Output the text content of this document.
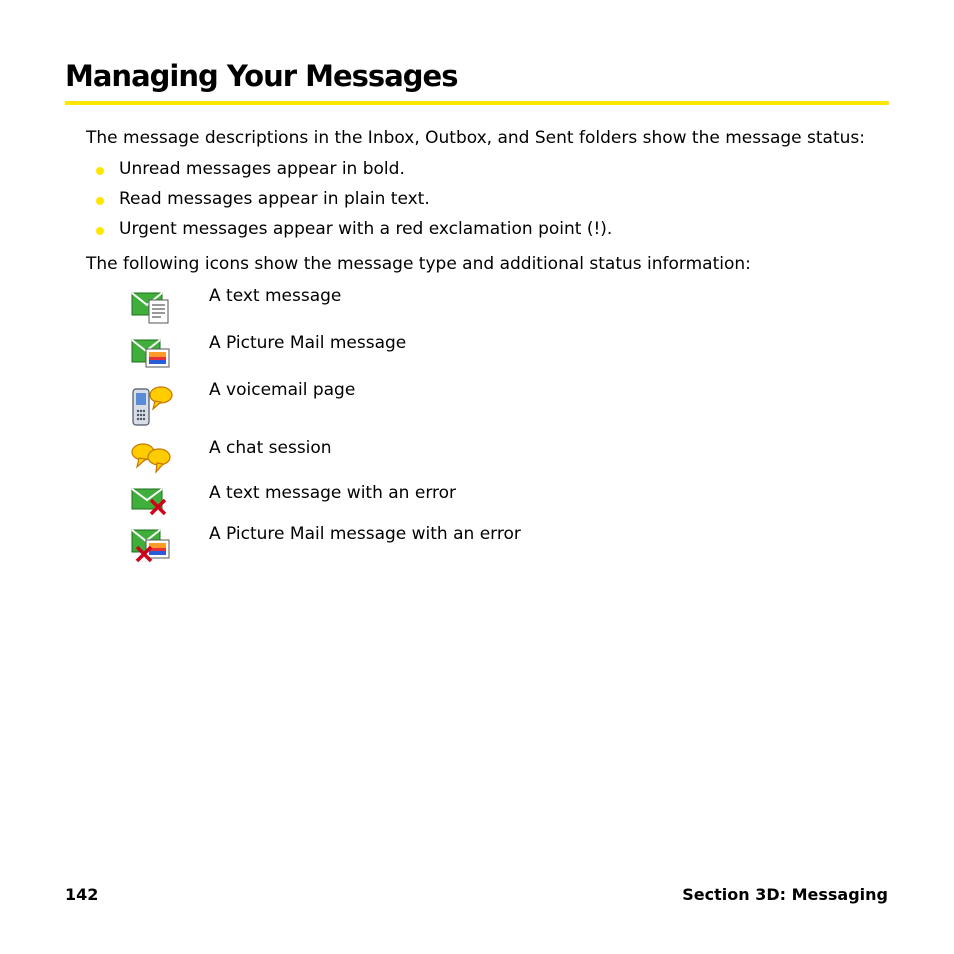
Managing Your Messages
The message descriptions in the Inbox, Outbox, and Sent folders show the message status:
Unread messages appear in bold.
Read messages appear in plain text.
Urgent messages appear with a red exclamation point (!).
The following icons show the message type and additional status information:
A text message
A Picture Mail message
A voicemail page
A chat session
A text message with an error
A Picture Mail message with an error
142	Section 3D: Messaging
